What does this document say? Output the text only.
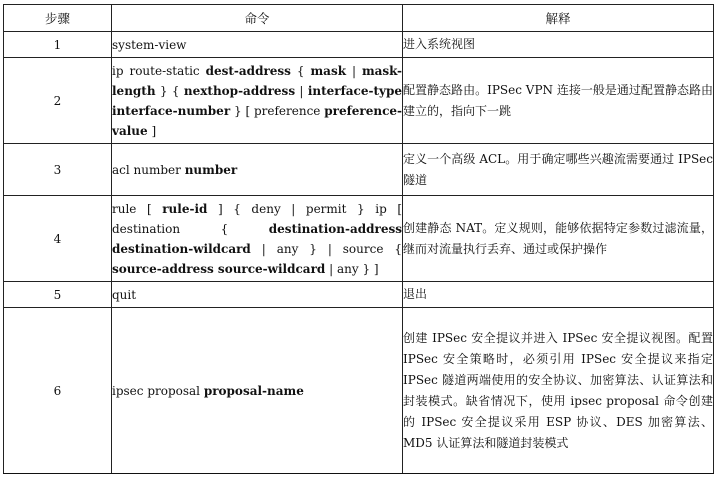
步骤	命令	解释
1	system-view	进入系统视图
2	ip route-static dest-address { mask | mask-length } { nexthop-address | interface-type interface-number } [ preference preference-value ]	配置静态路由。IPSec VPN 连接一般是通过配置静态路由建立的，指向下一跳
3	acl number number	定义一个高级 ACL。用于确定哪些兴趣流需要通过 IPSec 隧道
4	rule [ rule-id ] { deny | permit } ip [ destination { destination-address destination-wildcard | any } | source { source-address source-wildcard | any } ]	创建静态 NAT。定义规则，能够依据特定参数过滤流量，继而对流量执行丢弃、通过或保护操作
5	quit	退出
6	ipsec proposal proposal-name	创建 IPSec 安全提议并进入 IPSec 安全提议视图。配置 IPSec 安全策略时，必须引用 IPSec 安全提议来指定 IPSec 隧道两端使用的安全协议、加密算法、认证算法和封装模式。缺省情况下，使用 ipsec proposal 命令创建的 IPSec 安全提议采用 ESP 协议、DES 加密算法、MD5 认证算法和隧道封装模式
